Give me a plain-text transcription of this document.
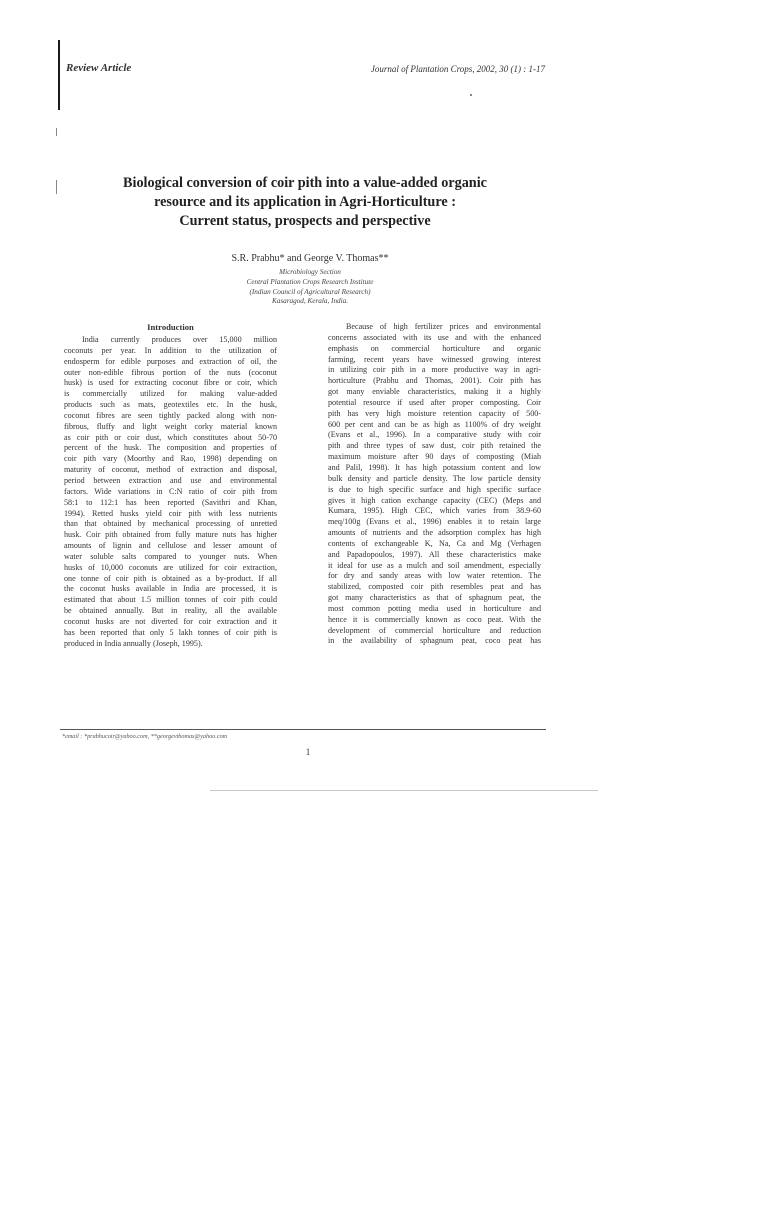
Review Article	Journal of Plantation Crops, 2002, 30 (1) : 1-17
Biological conversion of coir pith into a value-added organic
resource and its application in Agri-Horticulture :
Current status, prospects and perspective
S.R. Prabhu* and George V. Thomas**
Microbiology Section
Central Plantation Crops Research Institute
(Indian Council of Agricultural Research)
Kasaragod, Kerala, India.
Introduction
India currently produces over 15,000 million
coconuts per year. In addition to the utilization of
endosperm for edible purposes and extraction of oil, the
outer non-edible fibrous portion of the nuts (coconut
husk) is used for extracting coconut fibre or coir, which
is commercially utilized for making value-added
products such as mats, geotextiles etc. In the husk,
coconut fibres are seen tightly packed along with non-
fibrous, fluffy and light weight corky material known
as coir pith or coir dust, which constitutes about 50-70
percent of the husk. The composition and properties of
coir pith vary (Moorthy and Rao, 1998) depending on
maturity of coconut, method of extraction and disposal,
period between extraction and use and environmental
factors. Wide variations in C:N ratio of coir pith from
58:1 to 112:1 has been reported (Savithri and Khan,
1994). Retted husks yield coir pith with less nutrients
than that obtained by mechanical processing of unretted
husk. Coir pith obtained from fully mature nuts has higher
amounts of lignin and cellulose and lesser amount of
water soluble salts compared to younger nuts. When
husks of 10,000 coconuts are utilized for coir extraction,
one tonne of coir pith is obtained as a by-product. If all
the coconut husks available in India are processed, it is
estimated that about 1.5 million tonnes of coir pith could
be obtained annually. But in reality, all the available
coconut husks are not diverted for coir extraction and it
has been reported that only 5 lakh tonnes of coir pith is
produced in India annually (Joseph, 1995).
Because of high fertilizer prices and environmental
concerns associated with its use and with the enhanced
emphasis on commercial horticulture and organic
farming, recent years have witnessed growing interest
in utilizing coir pith in a more productive way in agri-
horticulture (Prabhu and Thomas, 2001). Coir pith has
got many enviable characteristics, making it a highly
potential resource if used after proper composting. Coir
pith has very high moisture retention capacity of 500-
600 per cent and can be as high as 1100% of dry weight
(Evans et al., 1996). In a comparative study with coir
pith and three types of saw dust, coir pith retained the
maximum moisture after 90 days of composting (Miah
and Palil, 1998). It has high potassium content and low
bulk density and particle density. The low particle density
is due to high specific surface and high specific surface
gives it high cation exchange capacity (CEC) (Meps and
Kumara, 1995). High CEC, which varies from 38.9-60
meq/100g (Evans et al., 1996) enables it to retain large
amounts of nutrients and the adsorption complex has high
contents of exchangeable K, Na, Ca and Mg (Verhagen
and Papadopoulos, 1997). All these characteristics make
it ideal for use as a mulch and soil amendment, especially
for dry and sandy areas with low water retention. The
stabilized, composted coir pith resembles peat and has
got many characteristics as that of sphagnum peat, the
most common potting media used in horticulture and
hence it is commercially known as coco peat. With the
development of commercial horticulture and reduction
in the availability of sphagnum peat, coco peat has
*email : *prabhucoir@yahoo.com, **georgevthomas@yahoo.com
1
